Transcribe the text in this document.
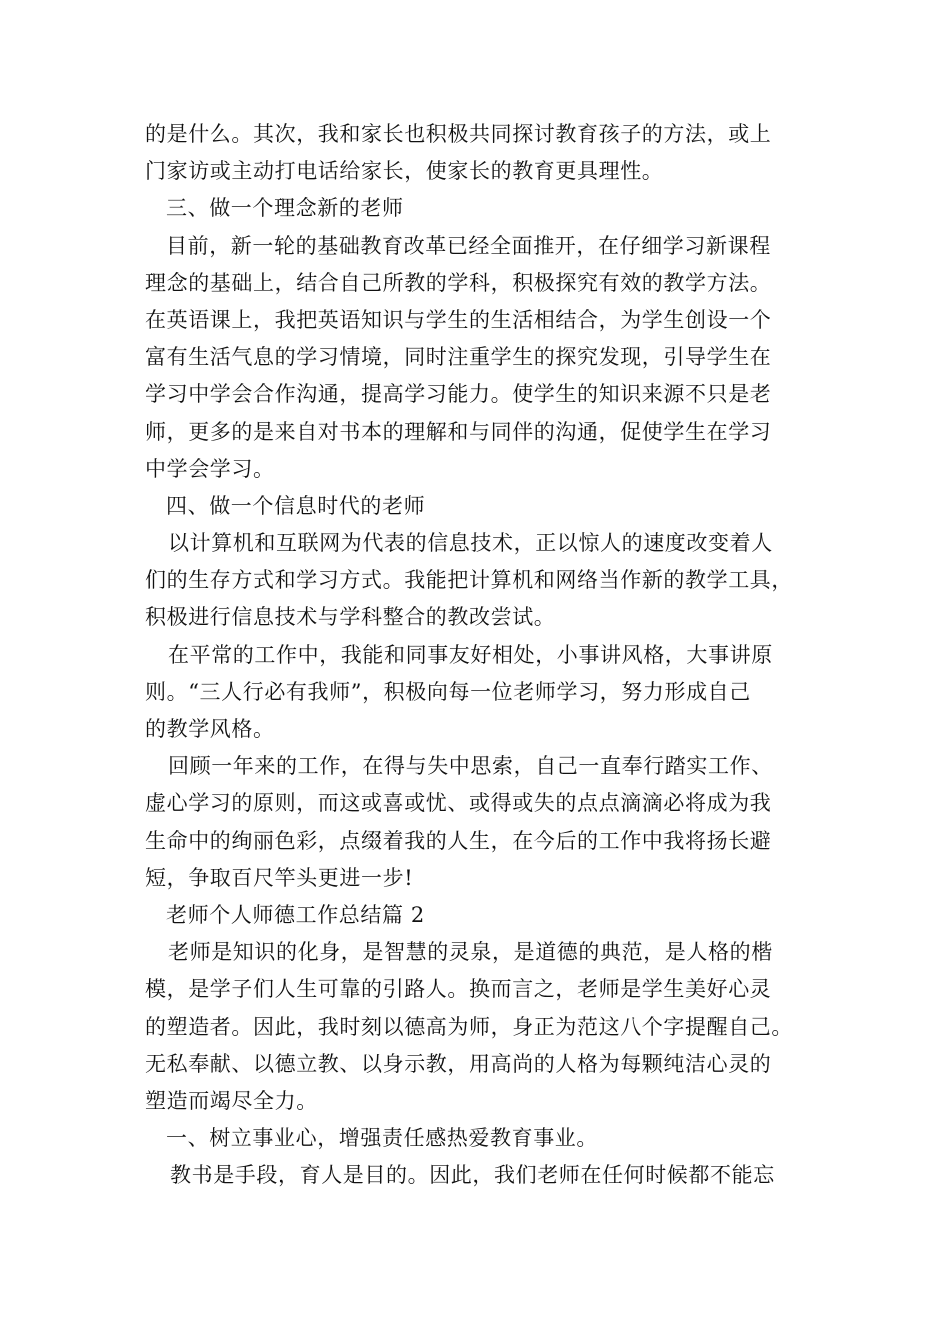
的是什么。其次，我和家长也积极共同探讨教育孩子的方法，或上
门家访或主动打电话给家长，使家长的教育更具理性。
三、做一个理念新的老师
目前，新一轮的基础教育改革已经全面推开，在仔细学习新课程
理念的基础上，结合自己所教的学科，积极探究有效的教学方法。
在英语课上，我把英语知识与学生的生活相结合，为学生创设一个
富有生活气息的学习情境，同时注重学生的探究发现，引导学生在
学习中学会合作沟通，提高学习能力。使学生的知识来源不只是老
师，更多的是来自对书本的理解和与同伴的沟通，促使学生在学习
中学会学习。
四、做一个信息时代的老师
以计算机和互联网为代表的信息技术，正以惊人的速度改变着人
们的生存方式和学习方式。我能把计算机和网络当作新的教学工具，
积极进行信息技术与学科整合的教改尝试。
在平常的工作中，我能和同事友好相处，小事讲风格，大事讲原
则。“三人行必有我师”，积极向每一位老师学习，努力形成自己
的教学风格。
回顾一年来的工作，在得与失中思索，自己一直奉行踏实工作、
虚心学习的原则，而这或喜或忧、或得或失的点点滴滴必将成为我
生命中的绚丽色彩，点缀着我的人生，在今后的工作中我将扬长避
短，争取百尺竿头更进一步!
老师个人师德工作总结篇 2
老师是知识的化身，是智慧的灵泉，是道德的典范，是人格的楷
模，是学子们人生可靠的引路人。换而言之，老师是学生美好心灵
的塑造者。因此，我时刻以德高为师，身正为范这八个字提醒自己。
无私奉献、以德立教、以身示教，用高尚的人格为每颗纯洁心灵的
塑造而竭尽全力。
一、树立事业心，增强责任感热爱教育事业。
教书是手段，育人是目的。因此，我们老师在任何时候都不能忘
